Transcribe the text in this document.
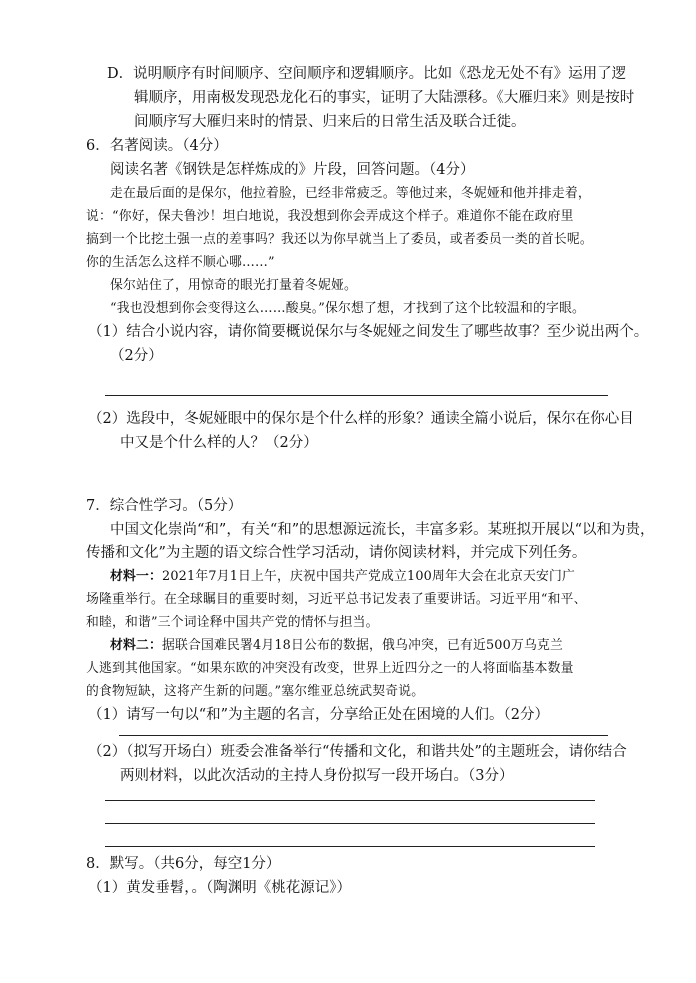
D．说明顺序有时间顺序、空间顺序和逻辑顺序。比如《恐龙无处不有》运用了逻
辑顺序，用南极发现恐龙化石的事实，证明了大陆漂移。《大雁归来》则是按时
间顺序写大雁归来时的情景、归来后的日常生活及联合迁徙。
6．名著阅读。（4分）
阅读名著《钢铁是怎样炼成的》片段，回答问题。（4分）
走在最后面的是保尔，他拉着脸，已经非常疲乏。等他过来，冬妮娅和他并排走着，
说：“你好，保夫鲁沙！坦白地说，我没想到你会弄成这个样子。难道你不能在政府里
搞到一个比挖土强一点的差事吗？我还以为你早就当上了委员，或者委员一类的首长呢。
你的生活怎么这样不顺心哪……”
保尔站住了，用惊奇的眼光打量着冬妮娅。
“我也没想到你会变得这么……酸臭。”保尔想了想，才找到了这个比较温和的字眼。
（1）结合小说内容，请你简要概说保尔与冬妮娅之间发生了哪些故事？至少说出两个。
（2分）
（2）选段中，冬妮娅眼中的保尔是个什么样的形象？通读全篇小说后，保尔在你心目
中又是个什么样的人？（2分）
7．综合性学习。（5分）
中国文化崇尚“和”，有关“和”的思想源远流长，丰富多彩。某班拟开展以“以和为贵，
传播和文化”为主题的语文综合性学习活动，请你阅读材料，并完成下列任务。
材料一：2021年7月1日上午，庆祝中国共产党成立100周年大会在北京天安门广
场隆重举行。在全球瞩目的重要时刻，习近平总书记发表了重要讲话。习近平用“和平、
和睦，和谐”三个词诠释中国共产党的情怀与担当。
材料二：据联合国难民署4月18日公布的数据，俄乌冲突，已有近500万乌克兰
人逃到其他国家。“如果东欧的冲突没有改变，世界上近四分之一的人将面临基本数量
的食物短缺，这将产生新的问题。”塞尔维亚总统武契奇说。
（1）请写一句以“和”为主题的名言，分享给正处在困境的人们。（2分）
（2）（拟写开场白）班委会准备举行“传播和文化，和谐共处”的主题班会，请你结合
两则材料，以此次活动的主持人身份拟写一段开场白。（3分）
8．默写。（共6分，每空1分）
（1）黄发垂髫，。（陶渊明《桃花源记》）
